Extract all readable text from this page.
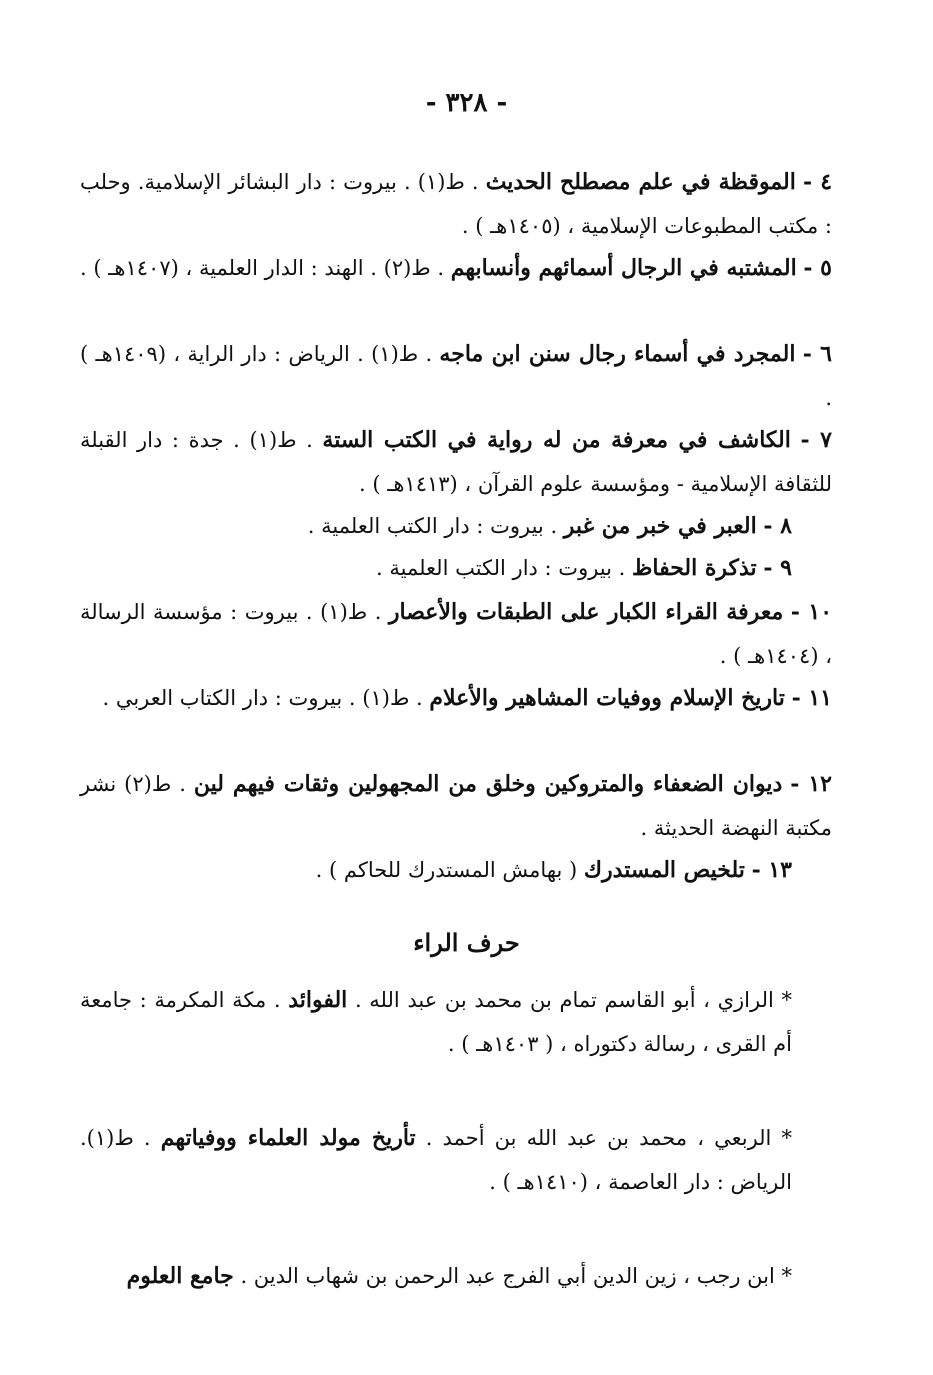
- ٣٢٨ -
٤ - الموقظة في علم مصطلح الحديث . ط(١) . بيروت : دار البشائر الإسلامية. وحلب : مكتب المطبوعات الإسلامية ، (١٤٠٥هـ ) .
٥ - المشتبه في الرجال أسمائهم وأنسابهم . ط(٢) . الهند : الدار العلمية ، (١٤٠٧هـ ) .
٦ - المجرد في أسماء رجال سنن ابن ماجه . ط(١) . الرياض : دار الراية ، (١٤٠٩هـ ) .
٧ - الكاشف في معرفة من له رواية في الكتب الستة . ط(١) . جدة : دار القبلة للثقافة الإسلامية - ومؤسسة علوم القرآن ، (١٤١٣هـ ) .
٨ - العبر في خبر من غبر . بيروت : دار الكتب العلمية .
٩ - تذكرة الحفاظ . بيروت : دار الكتب العلمية .
١٠ - معرفة القراء الكبار على الطبقات والأعصار . ط(١) . بيروت : مؤسسة الرسالة ، (١٤٠٤هـ ) .
١١ - تاريخ الإسلام ووفيات المشاهير والأعلام . ط(١) . بيروت : دار الكتاب العربي .
١٢ - ديوان الضعفاء والمتروكين وخلق من المجهولين وثقات فيهم لين . ط(٢) نشر مكتبة النهضة الحديثة .
١٣ - تلخيص المستدرك ( بهامش المستدرك للحاكم ) .
حرف الراء
* الرازي ، أبو القاسم تمام بن محمد بن عبد الله . الفوائد . مكة المكرمة : جامعة أم القرى ، رسالة دكتوراه ، ( ١٤٠٣هـ ) .
* الربعي ، محمد بن عبد الله بن أحمد . تأريخ مولد العلماء ووفياتهم . ط(١). الرياض : دار العاصمة ، (١٤١٠هـ ) .
* ابن رجب ، زين الدين أبي الفرج عبد الرحمن بن شهاب الدين . جامع العلوم
